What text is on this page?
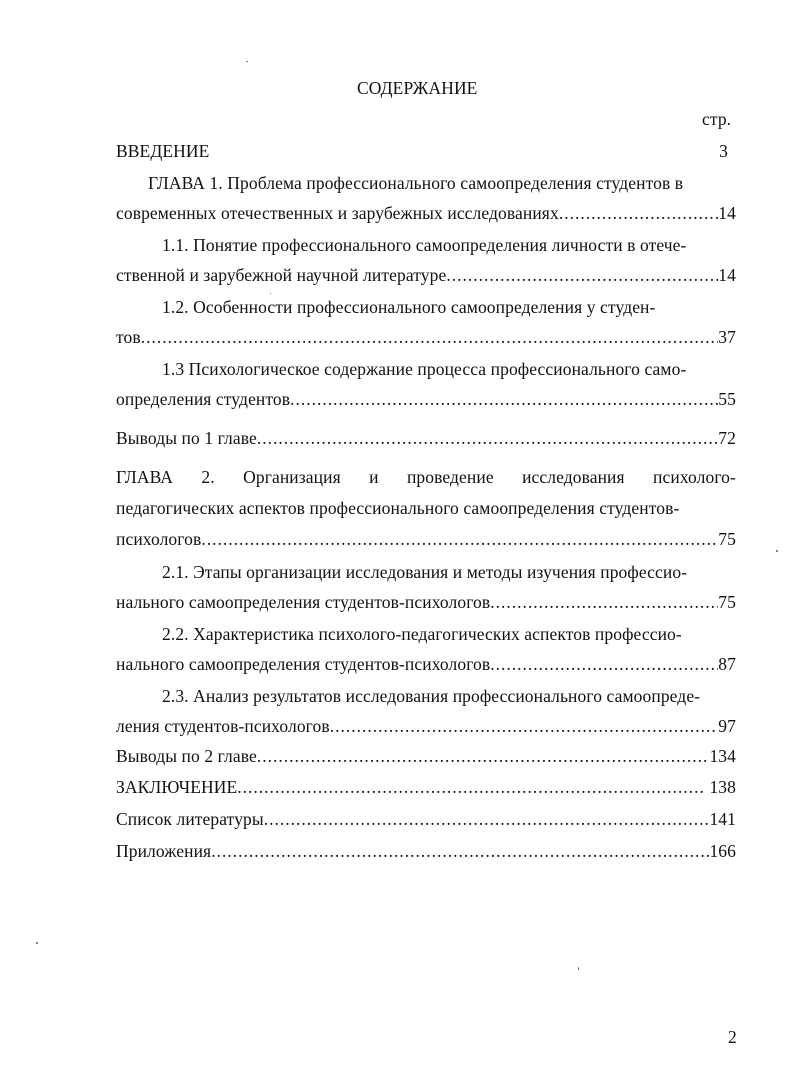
СОДЕРЖАНИЕ
стр.
ВВЕДЕНИЕ	3
ГЛАВА 1. Проблема профессионального самоопределения студентов в
современных отечественных и зарубежных исследованиях .....	14
1.1. Понятие профессионального самоопределения личности в отече-
ственной и зарубежной научной литературе .....	14
1.2. Особенности профессионального самоопределения у студен-
тов .....	37
1.3 Психологическое содержание процесса профессионального само-
определения студентов .....	55
Выводы по 1 главе .....	72
ГЛАВА 2. Организация и проведение исследования психолого-
педагогических аспектов профессионального самоопределения студентов-
психологов .....	75
2.1. Этапы организации исследования и методы изучения профессио-
нального самоопределения студентов-психологов .....	75
2.2. Характеристика психолого-педагогических аспектов профессио-
нального самоопределения студентов-психологов .....	87
2.3. Анализ результатов исследования профессионального самоопреде-
ления студентов-психологов .....	97
Выводы по 2 главе .....	134
ЗАКЛЮЧЕНИЕ .....	138
Список литературы .....	141
Приложения .....	166
2
